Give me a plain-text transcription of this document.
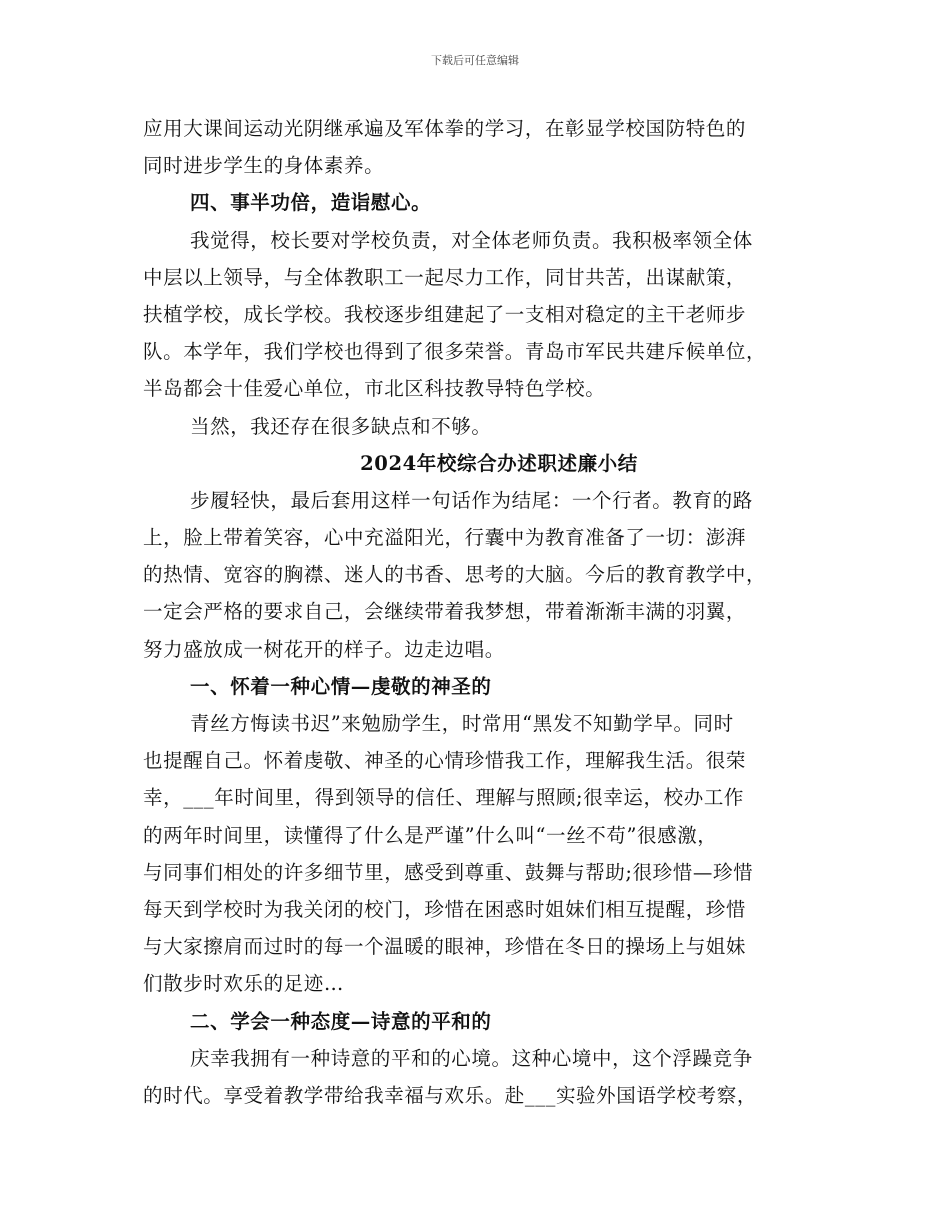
下载后可任意编辑
应用大课间运动光阴继承遍及军体拳的学习，在彰显学校国防特色的
同时进步学生的身体素养。
四、事半功倍，造诣慰心。
我觉得，校长要对学校负责，对全体老师负责。我积极率领全体
中层以上领导，与全体教职工一起尽力工作，同甘共苦，出谋献策，
扶植学校，成长学校。我校逐步组建起了一支相对稳定的主干老师步
队。本学年，我们学校也得到了很多荣誉。青岛市军民共建斥候单位，
半岛都会十佳爱心单位，市北区科技教导特色学校。
当然，我还存在很多缺点和不够。
2024年校综合办述职述廉小结
步履轻快，最后套用这样一句话作为结尾：一个行者。教育的路
上，脸上带着笑容，心中充溢阳光，行囊中为教育准备了一切：澎湃
的热情、宽容的胸襟、迷人的书香、思考的大脑。今后的教育教学中，
一定会严格的要求自己，会继续带着我梦想，带着渐渐丰满的羽翼，
努力盛放成一树花开的样子。边走边唱。
一、怀着一种心情—虔敬的神圣的
青丝方悔读书迟”来勉励学生，时常用“黑发不知勤学早。同时
也提醒自己。怀着虔敬、神圣的心情珍惜我工作，理解我生活。很荣
幸，___年时间里，得到领导的信任、理解与照顾;很幸运，校办工作
的两年时间里，读懂得了什么是严谨”什么叫“一丝不苟”很感激，
与同事们相处的许多细节里，感受到尊重、鼓舞与帮助;很珍惜—珍惜
每天到学校时为我关闭的校门，珍惜在困惑时姐妹们相互提醒，珍惜
与大家擦肩而过时的每一个温暖的眼神，珍惜在冬日的操场上与姐妹
们散步时欢乐的足迹…
二、学会一种态度—诗意的平和的
庆幸我拥有一种诗意的平和的心境。这种心境中，这个浮躁竞争
的时代。享受着教学带给我幸福与欢乐。赴___实验外国语学校考察，
